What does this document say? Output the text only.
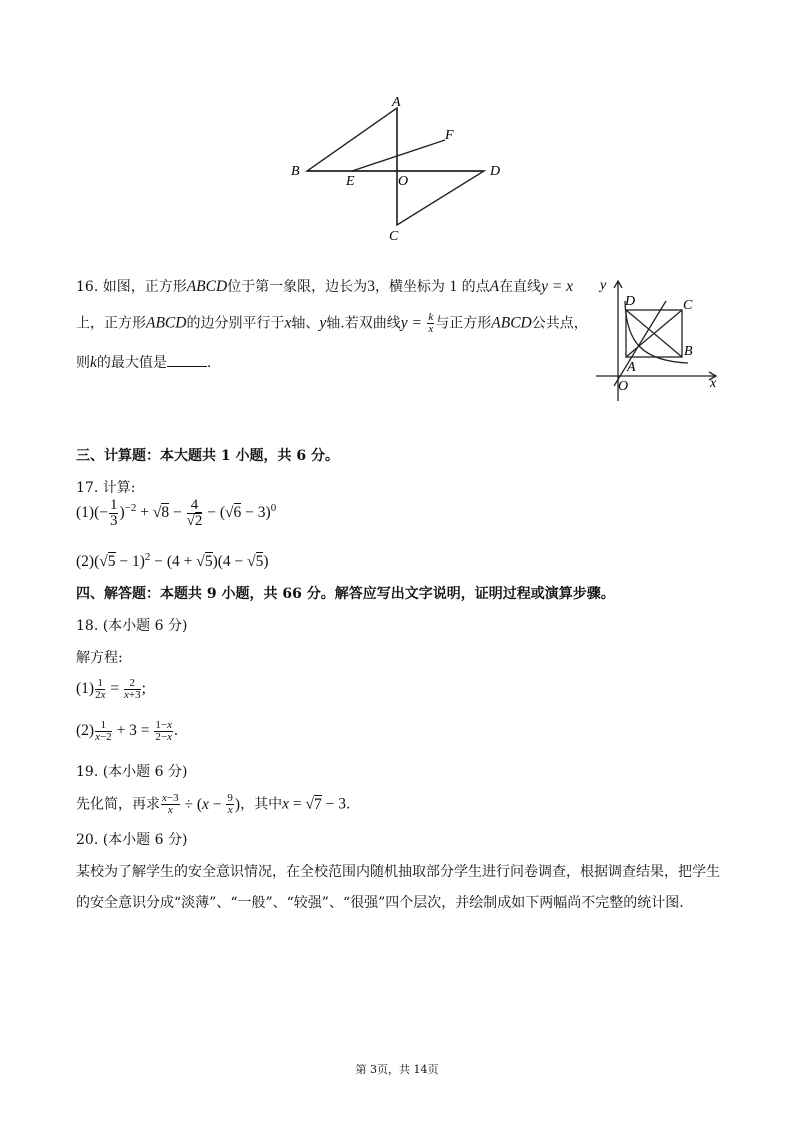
A
B
C
D
E
F
O
16. 如图，正方形ABCD位于第一象限，边长为3，横坐标为 1 的点A在直线y = x
上，正方形ABCD的边分别平行于x轴、y轴.若双曲线$y = \frac{k}{x}$ 与正方形ABCD公共点，
则k的最大值是	.
y
x
O
A
B
C
D
三、计算题：本大题共 1 小题，共 6 分。
17. 计算:
$(1)(- \frac{1}{3} )^{-2} + √8 - \frac{4}{√2} - (√6 - 3)^0$
$(2)(√5 - 1)^2 - (4 + √5)(4 - √5)$
四、解答题：本题共 9 小题，共 66 分。解答应写出文字说明，证明过程或演算步骤。
18. (本小题 6 分)
解方程:
$(1) \frac{1}{2x} = \frac{2}{x+3}$ ;
$(2) \frac{1}{x-2} + 3 = \frac{1-x}{2-x}$ .
19. (本小题 6 分)
先化简，再求 $\frac{x-3}{x} \div (x - \frac{9}{x}$ )，其中x = √7 − 3.
20. (本小题 6 分)
某校为了解学生的安全意识情况，在全校范围内随机抽取部分学生进行问卷调查，根据调查结果，把学生的安全意识分成“淡薄”、“一般”、“较强”、“很强”四个层次，并绘制成如下两幅尚不完整的统计图.
第 3页，共 14页
